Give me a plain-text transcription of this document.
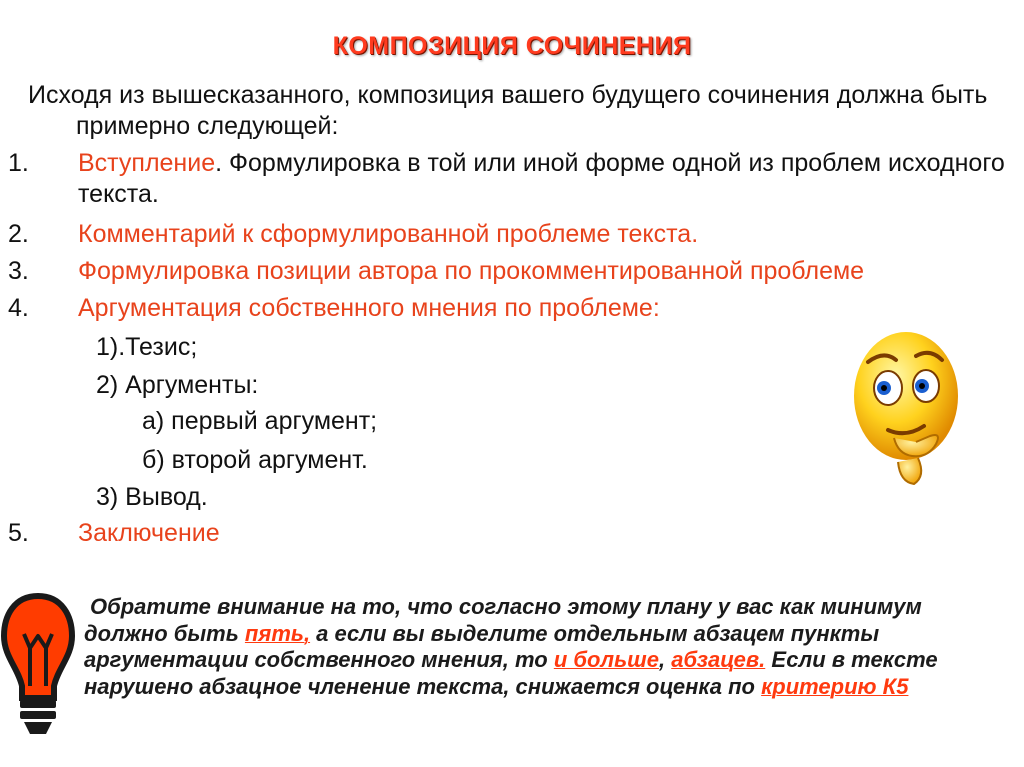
КОМПОЗИЦИЯ СОЧИНЕНИЯ
Исходя из вышесказанного, композиция вашего будущего сочинения должна быть примерно следующей:
1.	Вступление. Формулировка в той или иной форме одной из проблем исходного текста.
2. Комментарий к сформулированной проблеме текста.
3. Формулировка позиции автора по прокомментированной проблеме
4. Аргументация собственного мнения по проблеме:
1).Тезис;
2) Аргументы:
а) первый аргумент;
б) второй аргумент.
3) Вывод.
5. Заключение
Обратите внимание на то, что согласно этому плану у вас как минимум должно быть пять, а если вы выделите отдельным абзацем пункты аргументации собственного мнения, то и больше, абзацев. Если в тексте нарушено абзацное членение текста, снижается оценка по критерию К5
